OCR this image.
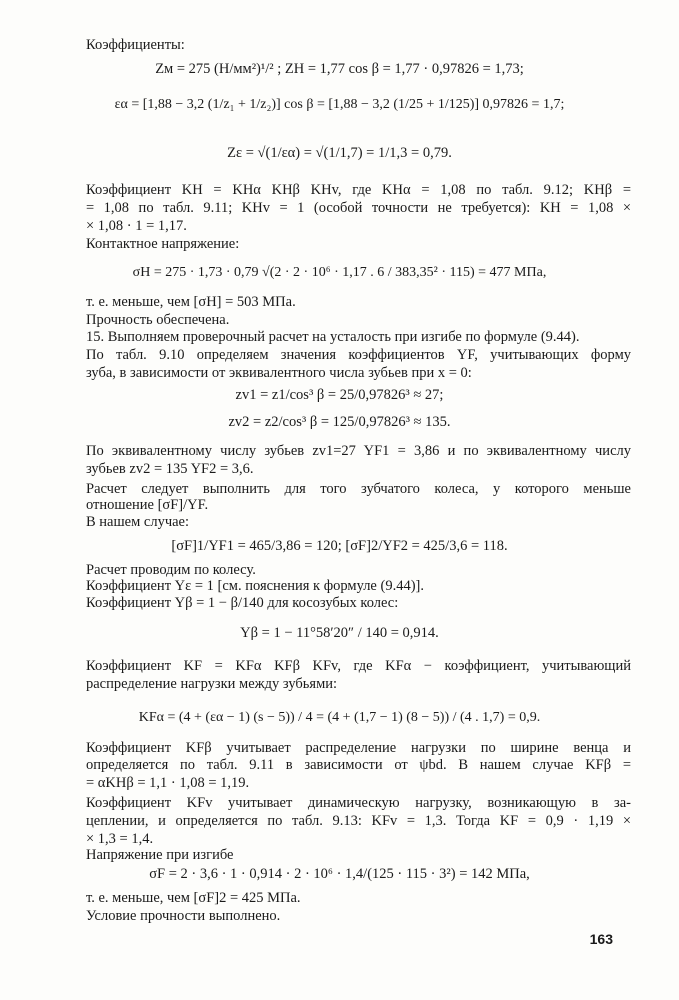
Коэффициенты:
Zм = 275 (Н/мм²)¹/² ; ZН = 1,77 cos β = 1,77 · 0,97826 = 1,73;
εα = [1,88 − 3,2 (1/z₁ + 1/z₂)] cos β = [1,88 − 3,2 (1/25 + 1/125)] 0,97826 = 1,7;
Zε = √(1/εα) = √(1/1,7) = 1/1,3 = 0,79.
Коэффициент KH = KHα KHβ KHv, где KHα = 1,08 по табл. 9.12; KHβ =
= 1,08 по табл. 9.11; KHv = 1 (особой точности не требуется): KH = 1,08 ×
× 1,08 · 1 = 1,17.
Контактное напряжение:
σH = 275 · 1,73 · 0,79 √(2 · 2 · 10⁶ · 1,17 . 6 / 383,35² · 115) = 477 МПа,
т. е. меньше, чем [σH] = 503 МПа.
Прочность обеспечена.
15. Выполняем проверочный расчет на усталость при изгибе по формуле (9.44).
По табл. 9.10 определяем значения коэффициентов YF, учитывающих форму
зуба, в зависимости от эквивалентного числа зубьев при x = 0:
zv1 = z1/cos³ β = 25/0,97826³ ≈ 27;
zv2 = z2/cos³ β = 125/0,97826³ ≈ 135.
По эквивалентному числу зубьев zv1=27 YF1 = 3,86 и по эквивалентному числу
зубьев zv2 = 135 YF2 = 3,6.
Расчет следует выполнить для того зубчатого колеса, у которого меньше
отношение [σF]/YF.
В нашем случае:
[σF]1/YF1 = 465/3,86 = 120; [σF]2/YF2 = 425/3,6 = 118.
Расчет проводим по колесу.
Коэффициент Yε = 1 [см. пояснения к формуле (9.44)].
Коэффициент Yβ = 1 − β/140 для косозубых колес:
Yβ = 1 − 11°58′20″ / 140 = 0,914.
Коэффициент KF = KFα KFβ KFv, где KFα − коэффициент, учитывающий
распределение нагрузки между зубьями:
KFα = (4 + (εα − 1) (s − 5)) / 4 = (4 + (1,7 − 1) (8 − 5)) / (4 . 1,7) = 0,9.
Коэффициент KFβ учитывает распределение нагрузки по ширине венца и
определяется по табл. 9.11 в зависимости от ψbd. В нашем случае KFβ =
= αKHβ = 1,1 · 1,08 = 1,19.
Коэффициент KFv учитывает динамическую нагрузку, возникающую в за-
цеплении, и определяется по табл. 9.13: KFv = 1,3. Тогда KF = 0,9 · 1,19 ×
× 1,3 = 1,4.
Напряжение при изгибе
σF = 2 · 3,6 · 1 · 0,914 · 2 · 10⁶ · 1,4/(125 · 115 · 3²) = 142 МПа,
т. е. меньше, чем [σF]2 = 425 МПа.
Условие прочности выполнено.
163
